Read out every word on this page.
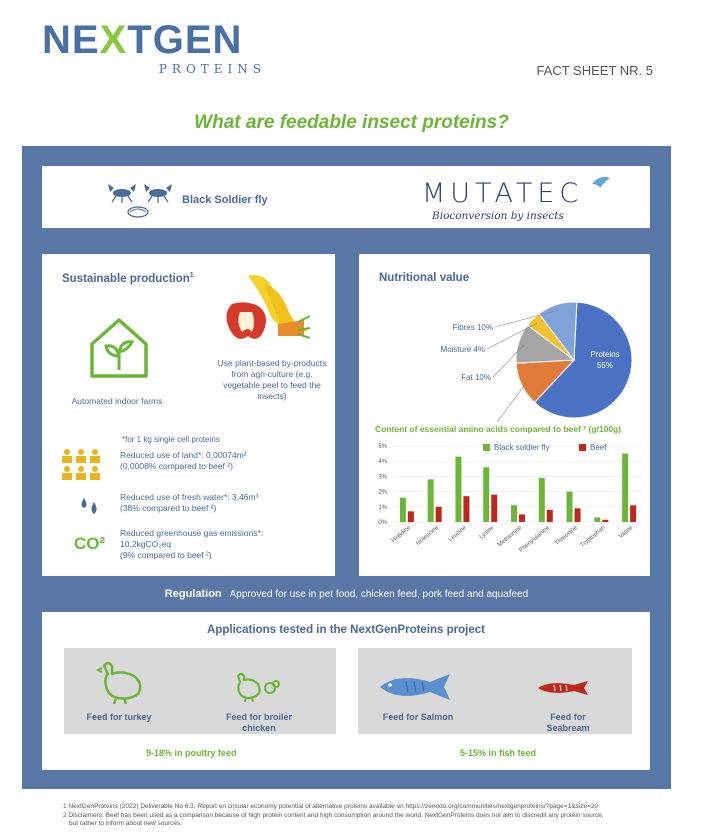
NEXTGEN
PROTEINS	FACT SHEET NR. 5
What are feedable insect proteins?
Black Soldier fly	MUTATEC
Bioconversion by insects
Sustainable production$^1$
Automated indoor farms
Use plant-based by-products from agri-culture (e.g. vegetable peel to feed the insects)
*for 1 kg single cell proteins
Reduced use of land*: 0,00074m²
(0,0008% compared to beef ²)
Reduced use of fresh water*: 3,46m³
(38% compared to beef ²)
CO²
Reduced greenhouse gas emissions*:
10,2kgCO₂eq
(9% compared to beef ²)
Nutritional value
Proteins
55%
Fat 10%
Moisture 4%
Fibres 10%
Content of essential amino acids compared to beef ² (g/100g)
0%
1%
2%
3%
4%
5%
Histidine Isoleucine Leucine Lysine Methionine
Phenylalanine Threonine Tryptophan Valine
Black soldier fly	Beef
Regulation Approved for use in pet food, chicken feed, pork feed and aquafeed
Applications tested in the NextGenProteins project
Feed for turkey	Feed for broiler chicken
Feed for Salmon	Feed for Seabream
9-18% in poultry feed	5-15% in fish feed
1 NextGenProteins (2022) Deliverable No 6.3. Report on circular economy potential of alternative proteins available on https://zenodo.org/communities/nextgenproteins/?page=1&size=20
2 Disclaimers: Beef has been used as a comparison because of high protein content and high consumption around the world. NextGenProteins does not aim to discredit any protein source,
but rather to inform about new sources.
